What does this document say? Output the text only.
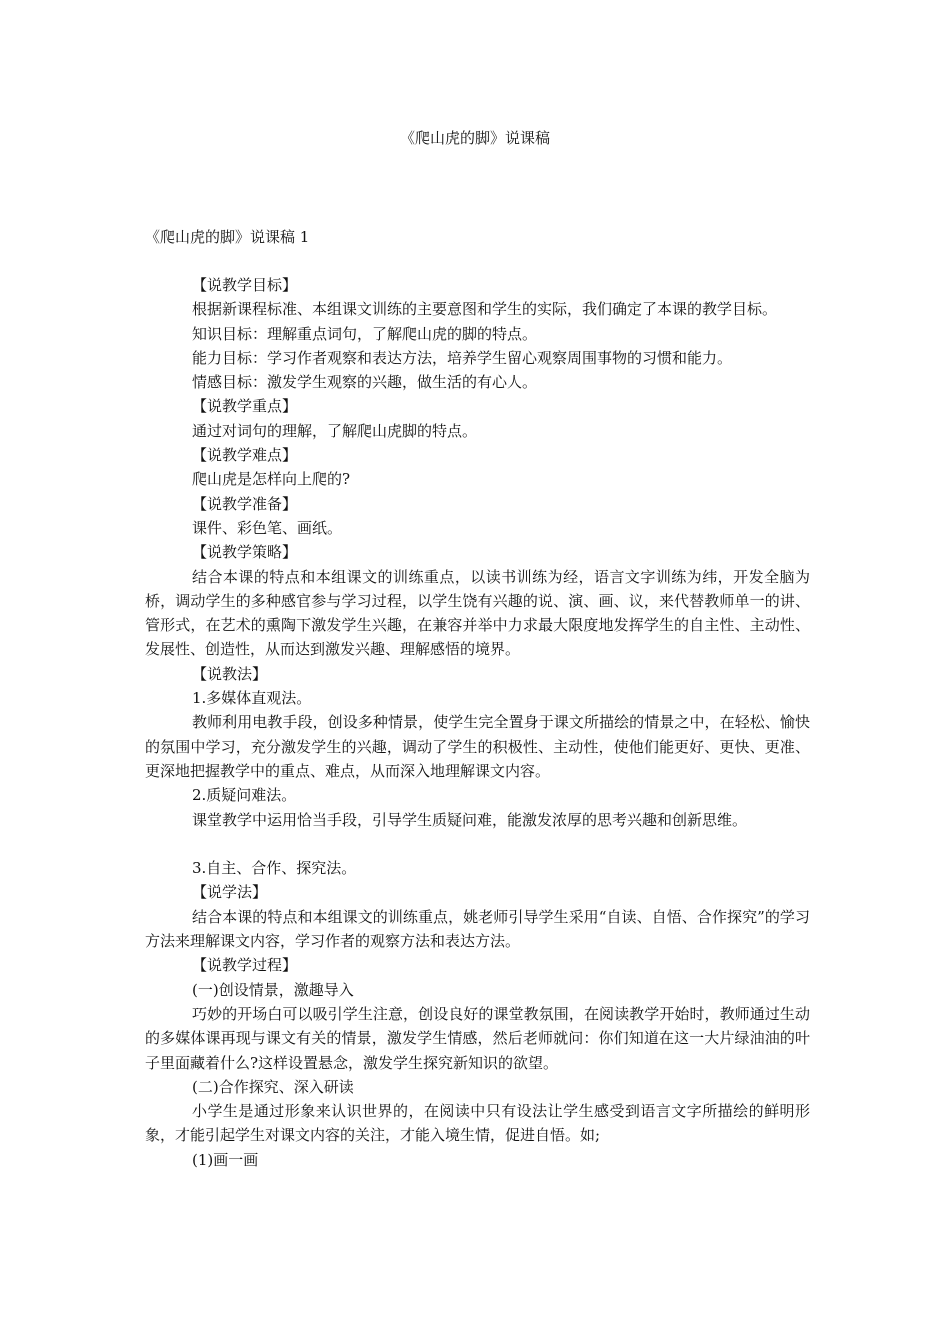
《爬山虎的脚》说课稿
《爬山虎的脚》说课稿 1

【说教学目标】

根据新课程标准、本组课文训练的主要意图和学生的实际，我们确定了本课的教学目标。

知识目标：理解重点词句，了解爬山虎的脚的特点。

能力目标：学习作者观察和表达方法，培养学生留心观察周围事物的习惯和能力。

情感目标：激发学生观察的兴趣，做生活的有心人。

【说教学重点】

通过对词句的理解，了解爬山虎脚的特点。

【说教学难点】

爬山虎是怎样向上爬的?

【说教学准备】

课件、彩色笔、画纸。

【说教学策略】

结合本课的特点和本组课文的训练重点，以读书训练为经，语言文字训练为纬，开发全脑为桥，调动学生的多种感官参与学习过程，以学生饶有兴趣的说、演、画、议，来代替教师单一的讲、管形式，在艺术的熏陶下激发学生兴趣，在兼容并举中力求最大限度地发挥学生的自主性、主动性、发展性、创造性，从而达到激发兴趣、理解感悟的境界。

【说教法】

1.多媒体直观法。

教师利用电教手段，创设多种情景，使学生完全置身于课文所描绘的情景之中，在轻松、愉快的氛围中学习，充分激发学生的兴趣，调动了学生的积极性、主动性，使他们能更好、更快、更准、更深地把握教学中的重点、难点，从而深入地理解课文内容。

2.质疑问难法。

课堂教学中运用恰当手段，引导学生质疑问难，能激发浓厚的思考兴趣和创新思维。

3.自主、合作、探究法。

【说学法】

结合本课的特点和本组课文的训练重点，姚老师引导学生采用“自读、自悟、合作探究”的学习方法来理解课文内容，学习作者的观察方法和表达方法。

【说教学过程】

(一)创设情景，激趣导入

巧妙的开场白可以吸引学生注意，创设良好的课堂教氛围，在阅读教学开始时，教师通过生动的多媒体课再现与课文有关的情景，激发学生情感，然后老师就问：你们知道在这一大片绿油油的叶子里面藏着什么?这样设置悬念，激发学生探究新知识的欲望。

(二)合作探究、深入研读

小学生是通过形象来认识世界的，在阅读中只有设法让学生感受到语言文字所描绘的鲜明形象，才能引起学生对课文内容的关注，才能入境生情，促进自悟。如;

(1)画一画
